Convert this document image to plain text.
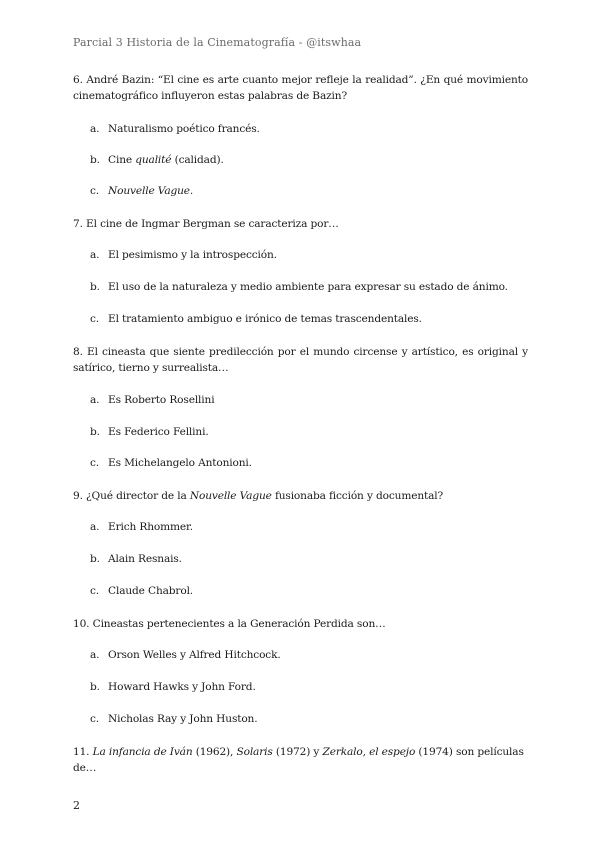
Parcial 3 Historia de la Cinematografía - @itswhaa
6. André Bazin: “El cine es arte cuanto mejor refleje la realidad”. ¿En qué movimiento cinematográfico influyeron estas palabras de Bazin?
a. Naturalismo poético francés.
b. Cine qualité (calidad).
c. Nouvelle Vague.
7. El cine de Ingmar Bergman se caracteriza por…
a. El pesimismo y la introspección.
b. El uso de la naturaleza y medio ambiente para expresar su estado de ánimo.
c. El tratamiento ambiguo e irónico de temas trascendentales.
8. El cineasta que siente predilección por el mundo circense y artístico, es original y satírico, tierno y surrealista…
a. Es Roberto Rosellini
b. Es Federico Fellini.
c. Es Michelangelo Antonioni.
9. ¿Qué director de la Nouvelle Vague fusionaba ficción y documental?
a. Erich Rhommer.
b. Alain Resnais.
c. Claude Chabrol.
10. Cineastas pertenecientes a la Generación Perdida son…
a. Orson Welles y Alfred Hitchcock.
b. Howard Hawks y John Ford.
c. Nicholas Ray y John Huston.
11. La infancia de Iván (1962), Solaris (1972) y Zerkalo, el espejo (1974) son películas de…
2
